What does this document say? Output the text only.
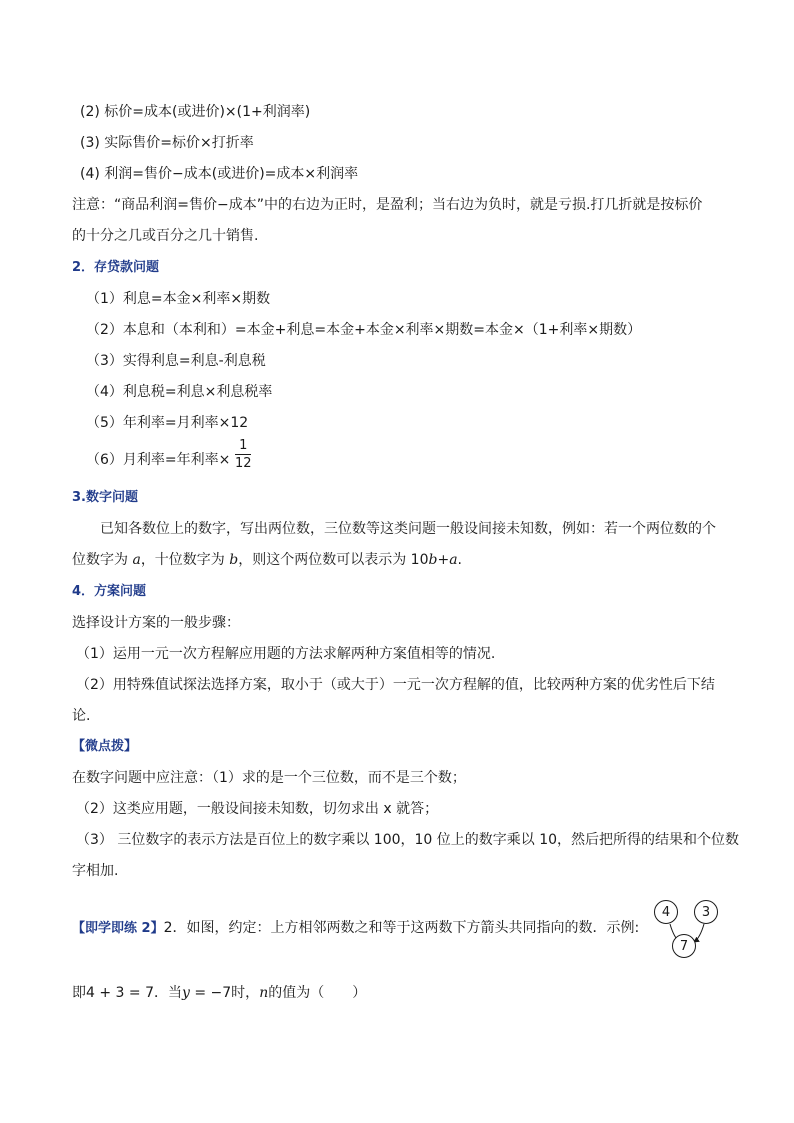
(2) 标价=成本(或进价)×(1+利润率)
(3) 实际售价=标价×打折率
(4) 利润=售价−成本(或进价)=成本×利润率
注意：“商品利润=售价−成本”中的右边为正时，是盈利；当右边为负时，就是亏损.打几折就是按标价
的十分之几或百分之几十销售.
2．存贷款问题
（1）利息=本金×利率×期数
（2）本息和（本利和）=本金+利息=本金+本金×利率×期数=本金×（1+利率×期数）
（3）实得利息=利息-利息税
（4）利息税=利息×利息税率
（5）年利率=月利率×12
（6）月利率=年利率×
1
12
3.数字问题
已知各数位上的数字，写出两位数，三位数等这类问题一般设间接未知数，例如：若一个两位数的个
位数字为 a，十位数字为 b，则这个两位数可以表示为 10b+a.
4．方案问题
选择设计方案的一般步骤：
（1）运用一元一次方程解应用题的方法求解两种方案值相等的情况.
（2）用特殊值试探法选择方案，取小于（或大于）一元一次方程解的值，比较两种方案的优劣性后下结
论.
【微点拨】
在数字问题中应注意：（1）求的是一个三位数，而不是三个数；
（2）这类应用题，一般设间接未知数，切勿求出 x 就答；
（3） 三位数字的表示方法是百位上的数字乘以 100，10 位上的数字乘以 10，然后把所得的结果和个位数
字相加.
【即学即练 2】2．如图，约定：上方相邻两数之和等于这两数下方箭头共同指向的数．示例:
4	3
7
即4 + 3 = 7．当y = −7时，n的值为（　　）
